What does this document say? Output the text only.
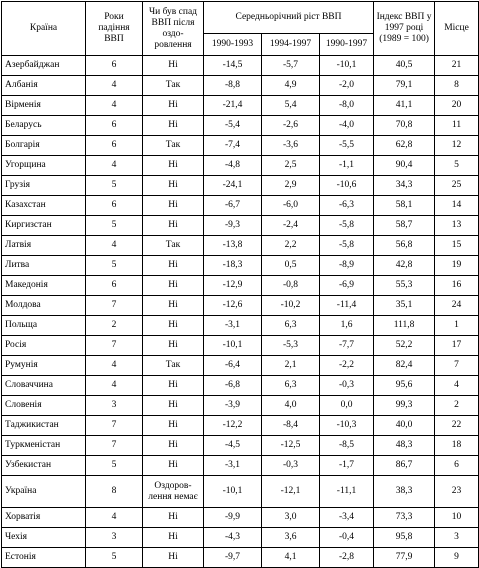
Країна	Роки падіння ВВП	Чи був спад ВВП після оздо-ровлення	Середньорічний ріст ВВП			Індекс ВВП у 1997 році (1989 = 100)	Місце
			1990-1993	1994-1997	1990-1997		
Азербайджан	6	Ні	-14,5	-5,7	-10,1	40,5	21
Албанія	4	Так	-8,8	4,9	-2,0	79,1	8
Вірменія	4	Ні	-21,4	5,4	-8,0	41,1	20
Беларусь	6	Ні	-5,4	-2,6	-4,0	70,8	11
Болгарія	6	Так	-7,4	-3,6	-5,5	62,8	12
Угорщина	4	Ні	-4,8	2,5	-1,1	90,4	5
Грузія	5	Ні	-24,1	2,9	-10,6	34,3	25
Казахстан	6	Ні	-6,7	-6,0	-6,3	58,1	14
Киргизстан	5	Ні	-9,3	-2,4	-5,8	58,7	13
Латвія	4	Так	-13,8	2,2	-5,8	56,8	15
Литва	5	Ні	-18,3	0,5	-8,9	42,8	19
Македонія	6	Ні	-12,9	-0,8	-6,9	55,3	16
Молдова	7	Ні	-12,6	-10,2	-11,4	35,1	24
Польща	2	Ні	-3,1	6,3	1,6	111,8	1
Росія	7	Ні	-10,1	-5,3	-7,7	52,2	17
Румунія	4	Так	-6,4	2,1	-2,2	82,4	7
Словаччина	4	Ні	-6,8	6,3	-0,3	95,6	4
Словенія	3	Ні	-3,9	4,0	0,0	99,3	2
Таджикистан	7	Ні	-12,2	-8,4	-10,3	40,0	22
Туркменістан	7	Ні	-4,5	-12,5	-8,5	48,3	18
Узбекистан	5	Ні	-3,1	-0,3	-1,7	86,7	6
Україна	8	Оздоров-лення немає	-10,1	-12,1	-11,1	38,3	23
Хорватія	4	Ні	-9,9	3,0	-3,4	73,3	10
Чехія	3	Ні	-4,3	3,6	-0,4	95,8	3
Естонія	5	Ні	-9,7	4,1	-2,8	77,9	9
